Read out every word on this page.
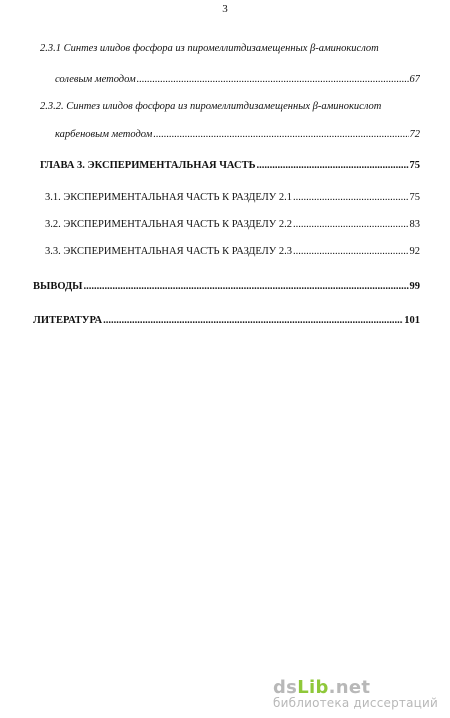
3
2.3.1 Синтез илидов фосфора из пиромеллитдизамещенных β-аминокислот
солевым методом .....	67
2.3.2. Синтез илидов фосфора из пиромеллитдизамещенных β-аминокислот
карбеновым методом .....	72
ГЛАВА 3. ЭКСПЕРИМЕНТАЛЬНАЯ ЧАСТЬ .....	75
3.1. ЭКСПЕРИМЕНТАЛЬНАЯ ЧАСТЬ К РАЗДЕЛУ 2.1 .....	75
3.2. ЭКСПЕРИМЕНТАЛЬНАЯ ЧАСТЬ К РАЗДЕЛУ 2.2 .....	83
3.3. ЭКСПЕРИМЕНТАЛЬНАЯ ЧАСТЬ К РАЗДЕЛУ 2.3 .....	92
ВЫВОДЫ .....	99
ЛИТЕРАТУРА .....	101
dsLib.net
библиотека диссертаций
